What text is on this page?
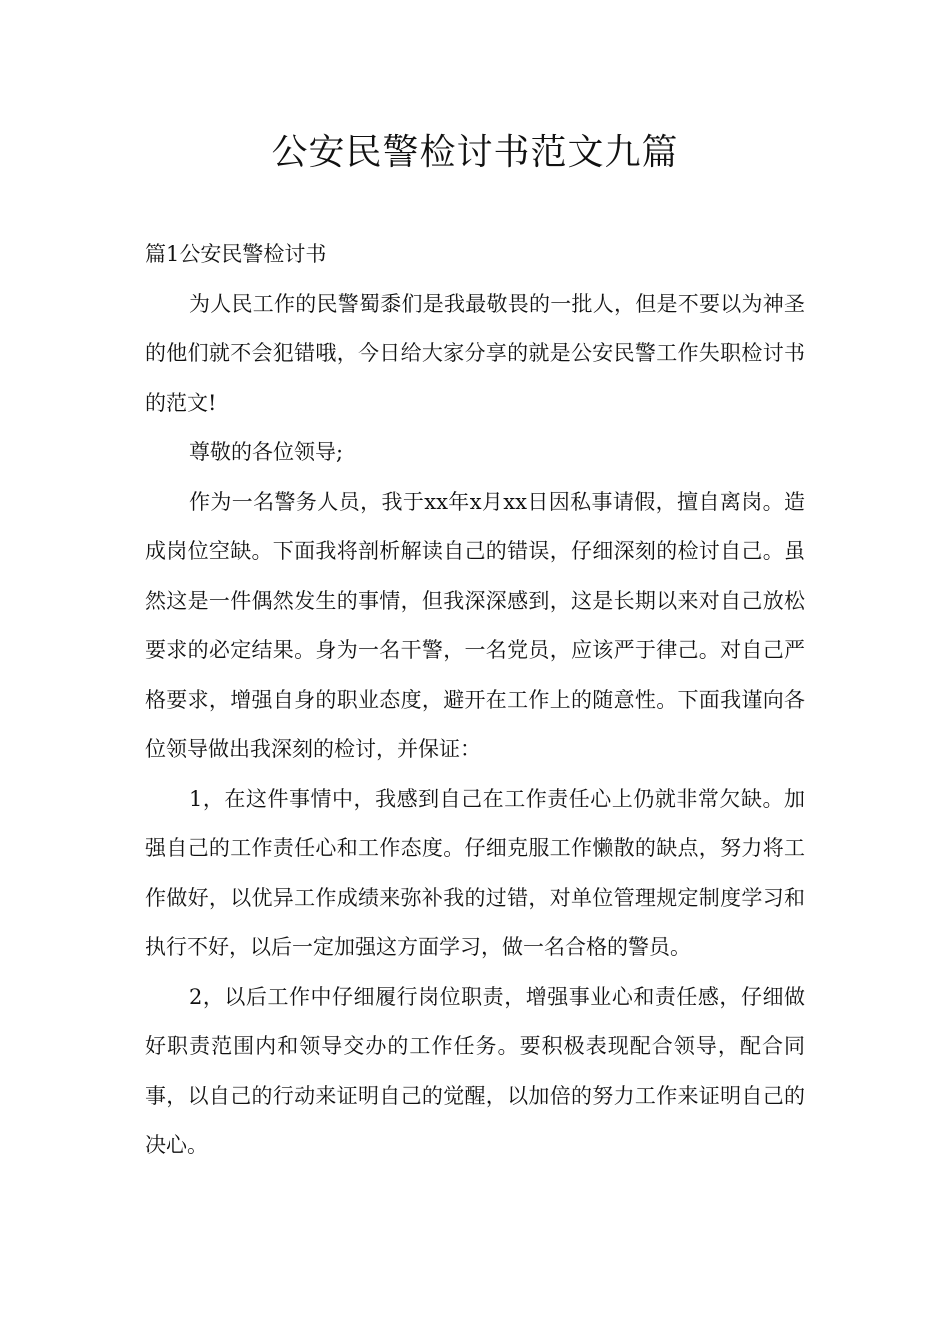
公安民警检讨书范文九篇

篇1公安民警检讨书

为人民工作的民警蜀黍们是我最敬畏的一批人，但是不要以为神圣的他们就不会犯错哦，今日给大家分享的就是公安民警工作失职检讨书的范文!

尊敬的各位领导;

作为一名警务人员，我于xx年x月xx日因私事请假，擅自离岗。造成岗位空缺。下面我将剖析解读自己的错误，仔细深刻的检讨自己。虽然这是一件偶然发生的事情，但我深深感到，这是长期以来对自己放松要求的必定结果。身为一名干警，一名党员，应该严于律己。对自己严格要求，增强自身的职业态度，避开在工作上的随意性。下面我谨向各位领导做出我深刻的检讨，并保证：

1，在这件事情中，我感到自己在工作责任心上仍就非常欠缺。加强自己的工作责任心和工作态度。仔细克服工作懒散的缺点，努力将工作做好，以优异工作成绩来弥补我的过错，对单位管理规定制度学习和执行不好，以后一定加强这方面学习，做一名合格的警员。

2，以后工作中仔细履行岗位职责，增强事业心和责任感，仔细做好职责范围内和领导交办的工作任务。要积极表现配合领导，配合同事，以自己的行动来证明自己的觉醒，以加倍的努力工作来证明自己的决心。
